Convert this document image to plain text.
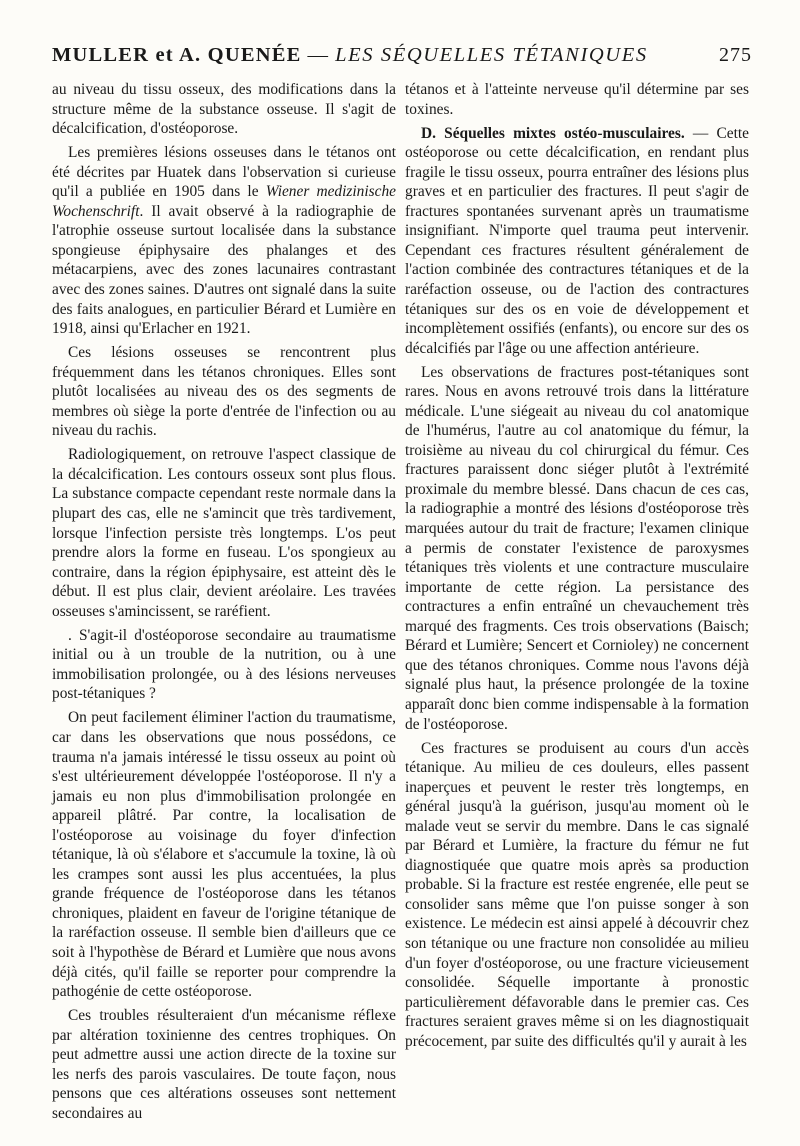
MULLER et A. QUENÉE — LES SÉQUELLES TÉTANIQUES	275

au niveau du tissu osseux, des modifications dans la structure même de la substance osseuse. Il s'agit de décalcification, d'ostéoporose.

Les premières lésions osseuses dans le tétanos ont été décrites par Huatek dans l'observation si curieuse qu'il a publiée en 1905 dans le Wiener medizinische Wochenschrift. Il avait observé à la radiographie de l'atrophie osseuse surtout localisée dans la substance spongieuse épiphysaire des phalanges et des métacarpiens, avec des zones lacunaires contrastant avec des zones saines. D'autres ont signalé dans la suite des faits analogues, en particulier Bérard et Lumière en 1918, ainsi qu'Erlacher en 1921.

Ces lésions osseuses se rencontrent plus fréquemment dans les tétanos chroniques. Elles sont plutôt localisées au niveau des os des segments de membres où siège la porte d'entrée de l'infection ou au niveau du rachis.

Radiologiquement, on retrouve l'aspect classique de la décalcification. Les contours osseux sont plus flous. La substance compacte cependant reste normale dans la plupart des cas, elle ne s'amincit que très tardivement, lorsque l'infection persiste très longtemps. L'os peut prendre alors la forme en fuseau. L'os spongieux au contraire, dans la région épiphysaire, est atteint dès le début. Il est plus clair, devient aréolaire. Les travées osseuses s'amincissent, se raréfient.

. S'agit-il d'ostéoporose secondaire au traumatisme initial ou à un trouble de la nutrition, ou à une immobilisation prolongée, ou à des lésions nerveuses post-tétaniques ?

On peut facilement éliminer l'action du traumatisme, car dans les observations que nous possédons, ce trauma n'a jamais intéressé le tissu osseux au point où s'est ultérieurement développée l'ostéoporose. Il n'y a jamais eu non plus d'immobilisation prolongée en appareil plâtré. Par contre, la localisation de l'ostéoporose au voisinage du foyer d'infection tétanique, là où s'élabore et s'accumule la toxine, là où les crampes sont aussi les plus accentuées, la plus grande fréquence de l'ostéoporose dans les tétanos chroniques, plaident en faveur de l'origine tétanique de la raréfaction osseuse. Il semble bien d'ailleurs que ce soit à l'hypothèse de Bérard et Lumière que nous avons déjà cités, qu'il faille se reporter pour comprendre la pathogénie de cette ostéoporose.

Ces troubles résulteraient d'un mécanisme réflexe par altération toxinienne des centres trophiques. On peut admettre aussi une action directe de la toxine sur les nerfs des parois vasculaires. De toute façon, nous pensons que ces altérations osseuses sont nettement secondaires au

tétanos et à l'atteinte nerveuse qu'il détermine par ses toxines.

D. Séquelles mixtes ostéo-musculaires. — Cette ostéoporose ou cette décalcification, en rendant plus fragile le tissu osseux, pourra entraîner des lésions plus graves et en particulier des fractures. Il peut s'agir de fractures spontanées survenant après un traumatisme insignifiant. N'importe quel trauma peut intervenir. Cependant ces fractures résultent généralement de l'action combinée des contractures tétaniques et de la raréfaction osseuse, ou de l'action des contractures tétaniques sur des os en voie de développement et incomplètement ossifiés (enfants), ou encore sur des os décalcifiés par l'âge ou une affection antérieure.

Les observations de fractures post-tétaniques sont rares. Nous en avons retrouvé trois dans la littérature médicale. L'une siégeait au niveau du col anatomique de l'humérus, l'autre au col anatomique du fémur, la troisième au niveau du col chirurgical du fémur. Ces fractures paraissent donc siéger plutôt à l'extrémité proximale du membre blessé. Dans chacun de ces cas, la radiographie a montré des lésions d'ostéoporose très marquées autour du trait de fracture; l'examen clinique a permis de constater l'existence de paroxysmes tétaniques très violents et une contracture musculaire importante de cette région. La persistance des contractures a enfin entraîné un chevauchement très marqué des fragments. Ces trois observations (Baisch; Bérard et Lumière; Sencert et Cornioley) ne concernent que des tétanos chroniques. Comme nous l'avons déjà signalé plus haut, la présence prolongée de la toxine apparaît donc bien comme indispensable à la formation de l'ostéoporose.

Ces fractures se produisent au cours d'un accès tétanique. Au milieu de ces douleurs, elles passent inaperçues et peuvent le rester très longtemps, en général jusqu'à la guérison, jusqu'au moment où le malade veut se servir du membre. Dans le cas signalé par Bérard et Lumière, la fracture du fémur ne fut diagnostiquée que quatre mois après sa production probable. Si la fracture est restée engrenée, elle peut se consolider sans même que l'on puisse songer à son existence. Le médecin est ainsi appelé à découvrir chez son tétanique ou une fracture non consolidée au milieu d'un foyer d'ostéoporose, ou une fracture vicieusement consolidée. Séquelle importante à pronostic particulièrement défavorable dans le premier cas. Ces fractures seraient graves même si on les diagnostiquait précocement, par suite des difficultés qu'il y aurait à les
